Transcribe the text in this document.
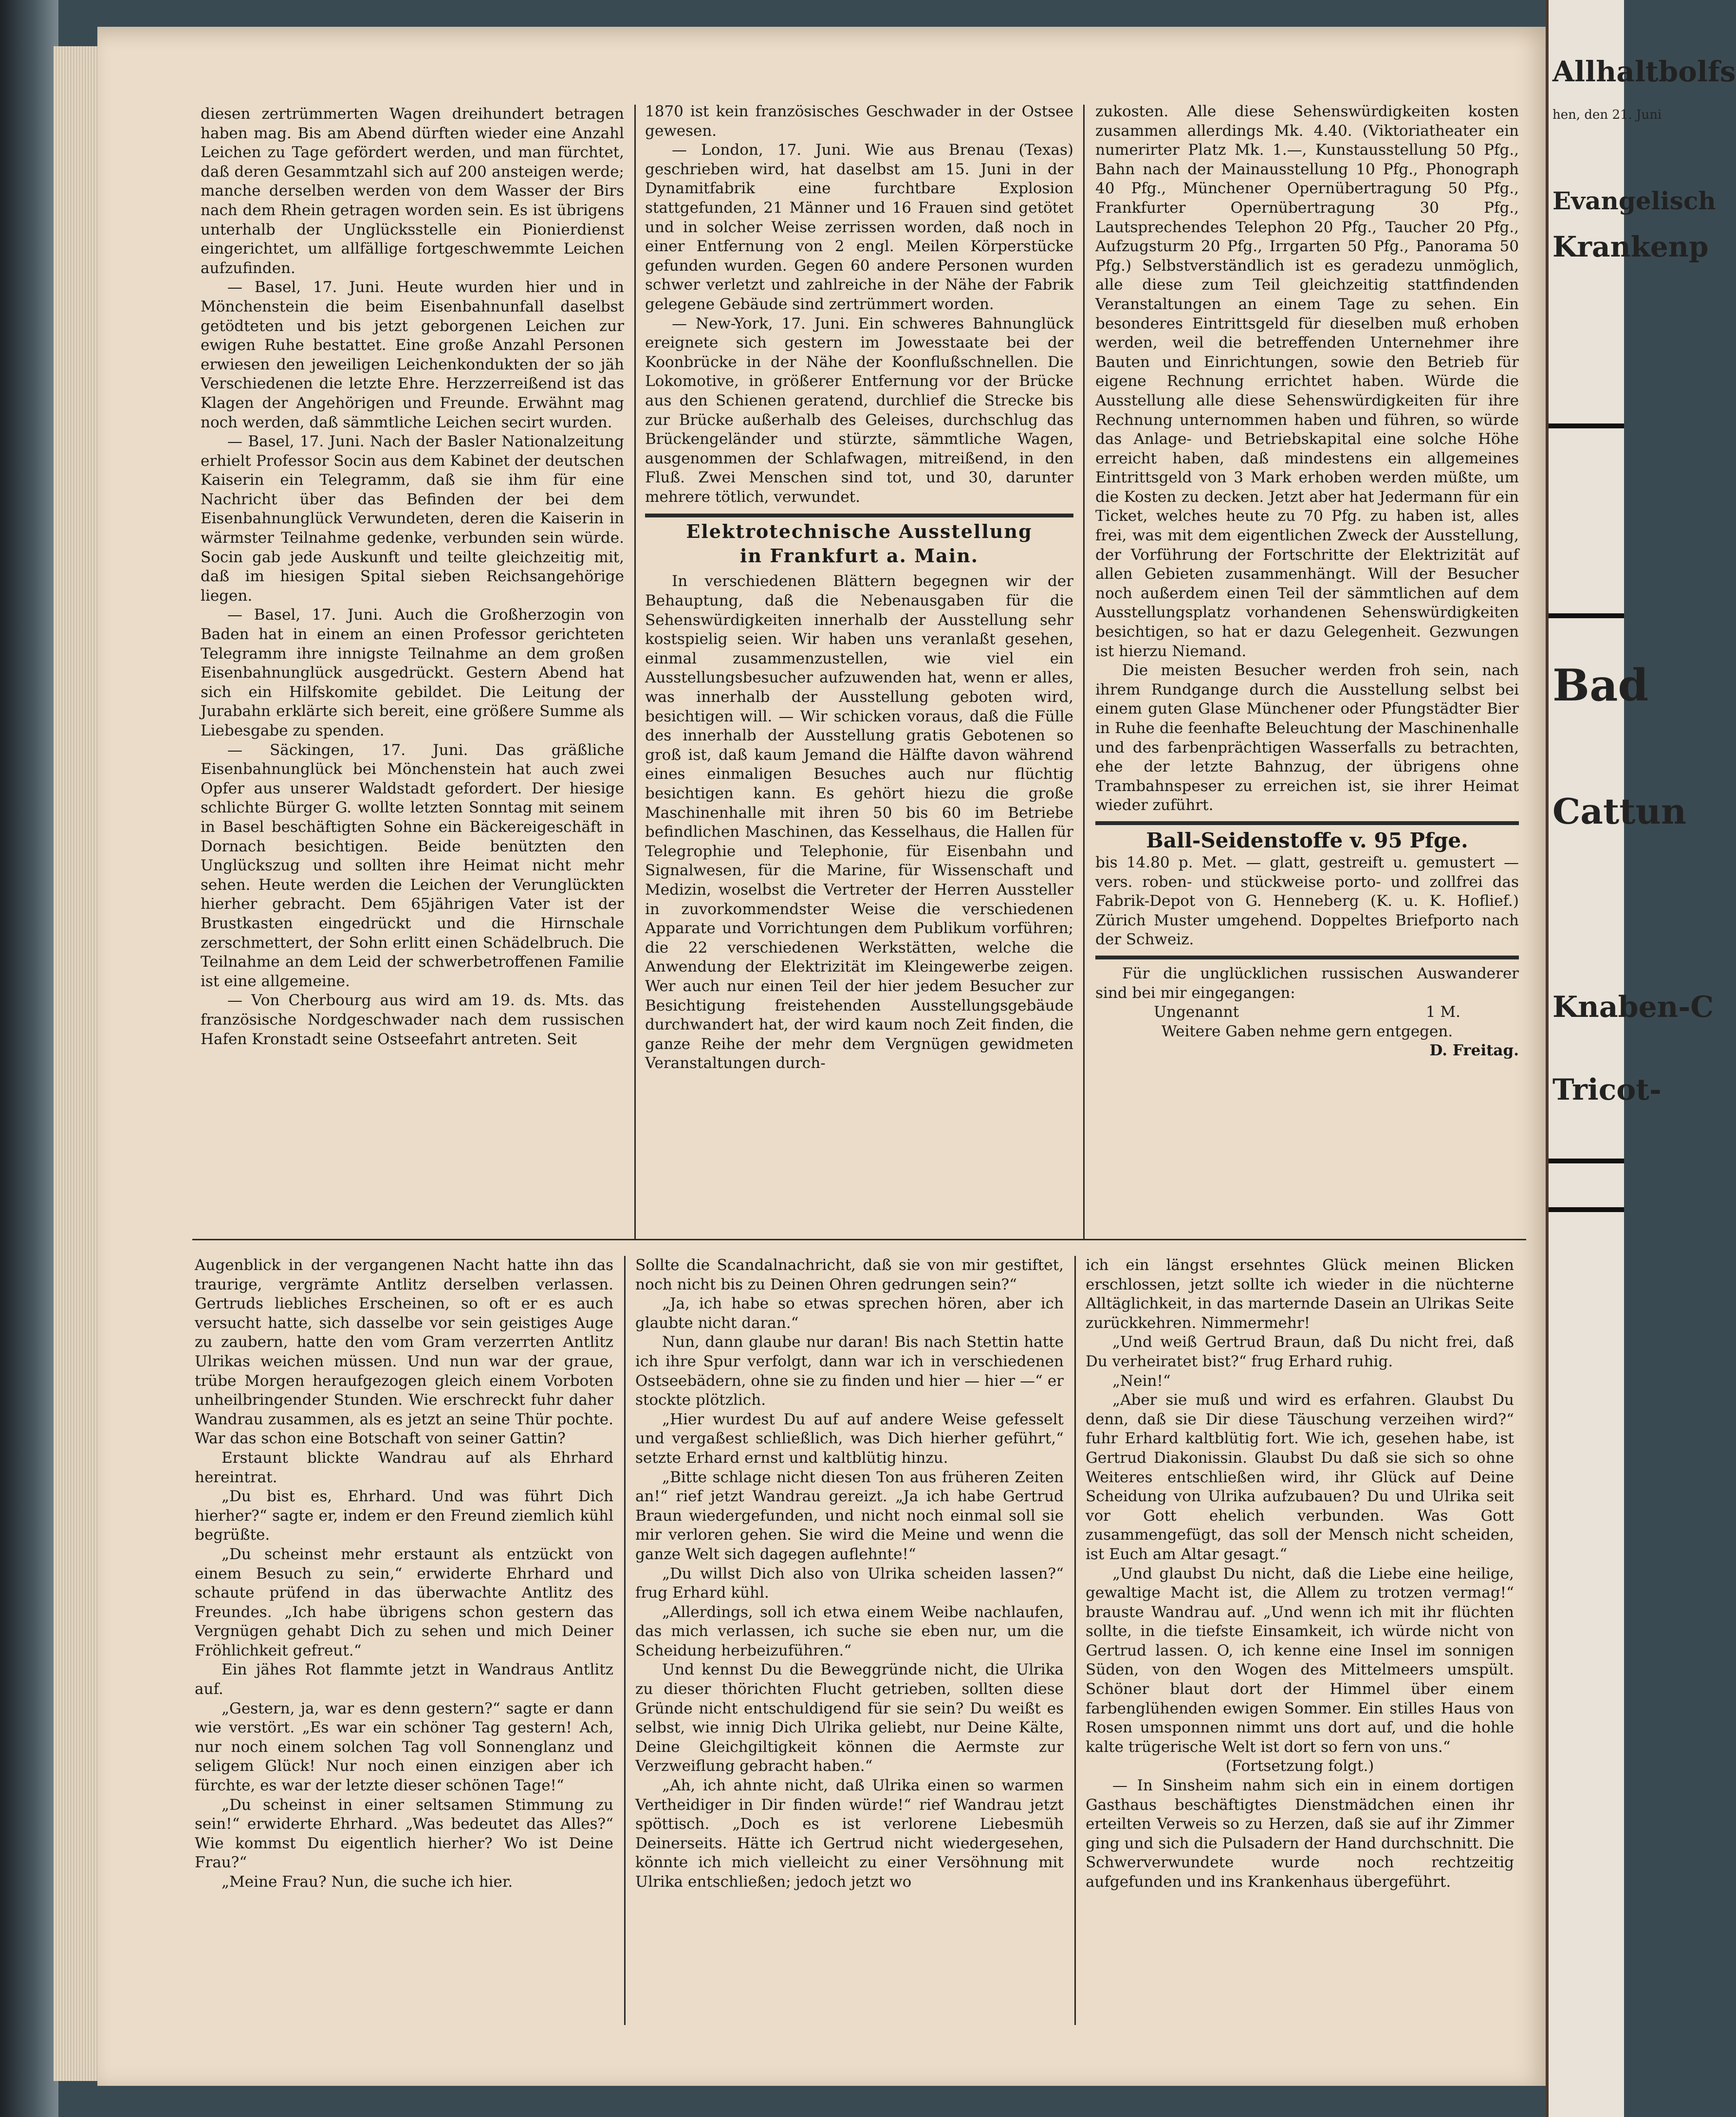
diesen zertrümmerten Wagen dreihundert betragen haben mag. Bis am Abend dürften wieder eine Anzahl Leichen zu Tage gefördert werden, und man fürchtet, daß deren Gesammtzahl sich auf 200 ansteigen werde; manche derselben werden von dem Wasser der Birs nach dem Rhein getragen worden sein. Es ist übrigens unterhalb der Unglücksstelle ein Pionierdienst eingerichtet, um allfällige fortgeschwemmte Leichen aufzufinden.

— Basel, 17. Juni. Heute wurden hier und in Mönchenstein die beim Eisenbahnunfall daselbst getödteten und bis jetzt geborgenen Leichen zur ewigen Ruhe bestattet. Eine große Anzahl Personen erwiesen den jeweiligen Leichenkondukten der so jäh Verschiedenen die letzte Ehre. Herzzerreißend ist das Klagen der Angehörigen und Freunde. Erwähnt mag noch werden, daß sämmtliche Leichen secirt wurden.

— Basel, 17. Juni. Nach der Basler Nationalzeitung erhielt Professor Socin aus dem Kabinet der deutschen Kaiserin ein Telegramm, daß sie ihm für eine Nachricht über das Befinden der bei dem Eisenbahnunglück Verwundeten, deren die Kaiserin in wärmster Teilnahme gedenke, verbunden sein würde. Socin gab jede Auskunft und teilte gleichzeitig mit, daß im hiesigen Spital sieben Reichsangehörige liegen.

— Basel, 17. Juni. Auch die Großherzogin von Baden hat in einem an einen Professor gerichteten Telegramm ihre innigste Teilnahme an dem großen Eisenbahnunglück ausgedrückt. Gestern Abend hat sich ein Hilfskomite gebildet. Die Leitung der Jurabahn erklärte sich bereit, eine größere Summe als Liebesgabe zu spenden.

— Säckingen, 17. Juni. Das gräßliche Eisenbahnunglück bei Mönchenstein hat auch zwei Opfer aus unserer Waldstadt gefordert. Der hiesige schlichte Bürger G. wollte letzten Sonntag mit seinem in Basel beschäftigten Sohne ein Bäckereigeschäft in Dornach besichtigen. Beide benützten den Unglückszug und sollten ihre Heimat nicht mehr sehen. Heute werden die Leichen der Verunglückten hierher gebracht. Dem 65jährigen Vater ist der Brustkasten eingedrückt und die Hirnschale zerschmettert, der Sohn erlitt einen Schädelbruch. Die Teilnahme an dem Leid der schwerbetroffenen Familie ist eine allgemeine.

— Von Cherbourg aus wird am 19. ds. Mts. das französische Nordgeschwader nach dem russischen Hafen Kronstadt seine Ostseefahrt antreten. Seit

1870 ist kein französisches Geschwader in der Ostsee gewesen.

— London, 17. Juni. Wie aus Brenau (Texas) geschrieben wird, hat daselbst am 15. Juni in der Dynamitfabrik eine furchtbare Explosion stattgefunden, 21 Männer und 16 Frauen sind getötet und in solcher Weise zerrissen worden, daß noch in einer Entfernung von 2 engl. Meilen Körperstücke gefunden wurden. Gegen 60 andere Personen wurden schwer verletzt und zahlreiche in der Nähe der Fabrik gelegene Gebäude sind zertrümmert worden.

— New-York, 17. Juni. Ein schweres Bahnunglück ereignete sich gestern im Jowesstaate bei der Koonbrücke in der Nähe der Koonflußschnellen. Die Lokomotive, in größerer Entfernung vor der Brücke aus den Schienen geratend, durchlief die Strecke bis zur Brücke außerhalb des Geleises, durchschlug das Brückengeländer und stürzte, sämmtliche Wagen, ausgenommen der Schlafwagen, mitreißend, in den Fluß. Zwei Menschen sind tot, und 30, darunter mehrere tötlich, verwundet.

Elektrotechnische Ausstellung
in Frankfurt a. Main.

In verschiedenen Blättern begegnen wir der Behauptung, daß die Nebenausgaben für die Sehenswürdigkeiten innerhalb der Ausstellung sehr kostspielig seien. Wir haben uns veranlaßt gesehen, einmal zusammenzustellen, wie viel ein Ausstellungsbesucher aufzuwenden hat, wenn er alles, was innerhalb der Ausstellung geboten wird, besichtigen will. — Wir schicken voraus, daß die Fülle des innerhalb der Ausstellung gratis Gebotenen so groß ist, daß kaum Jemand die Hälfte davon während eines einmaligen Besuches auch nur flüchtig besichtigen kann. Es gehört hiezu die große Maschinenhalle mit ihren 50 bis 60 im Betriebe befindlichen Maschinen, das Kesselhaus, die Hallen für Telegrophie und Telephonie, für Eisenbahn und Signalwesen, für die Marine, für Wissenschaft und Medizin, woselbst die Vertreter der Herren Aussteller in zuvorkommendster Weise die verschiedenen Apparate und Vorrichtungen dem Publikum vorführen; die 22 verschiedenen Werkstätten, welche die Anwendung der Elektrizität im Kleingewerbe zeigen. Wer auch nur einen Teil der hier jedem Besucher zur Besichtigung freistehenden Ausstellungsgebäude durchwandert hat, der wird kaum noch Zeit finden, die ganze Reihe der mehr dem Vergnügen gewidmeten Veranstaltungen durch-

zukosten. Alle diese Sehenswürdigkeiten kosten zusammen allerdings Mk. 4.40. (Viktoriatheater ein numerirter Platz Mk. 1.—, Kunstausstellung 50 Pfg., Bahn nach der Mainausstellung 10 Pfg., Phonograph 40 Pfg., Münchener Opernübertragung 50 Pfg., Frankfurter Opernübertragung 30 Pfg., Lautsprechendes Telephon 20 Pfg., Taucher 20 Pfg., Aufzugsturm 20 Pfg., Irrgarten 50 Pfg., Panorama 50 Pfg.) Selbstverständlich ist es geradezu unmöglich, alle diese zum Teil gleichzeitig stattfindenden Veranstaltungen an einem Tage zu sehen. Ein besonderes Eintrittsgeld für dieselben muß erhoben werden, weil die betreffenden Unternehmer ihre Bauten und Einrichtungen, sowie den Betrieb für eigene Rechnung errichtet haben. Würde die Ausstellung alle diese Sehenswürdigkeiten für ihre Rechnung unternommen haben und führen, so würde das Anlage- und Betriebskapital eine solche Höhe erreicht haben, daß mindestens ein allgemeines Eintrittsgeld von 3 Mark erhoben werden müßte, um die Kosten zu decken. Jetzt aber hat Jedermann für ein Ticket, welches heute zu 70 Pfg. zu haben ist, alles frei, was mit dem eigentlichen Zweck der Ausstellung, der Vorführung der Fortschritte der Elektrizität auf allen Gebieten zusammenhängt. Will der Besucher noch außerdem einen Teil der sämmtlichen auf dem Ausstellungsplatz vorhandenen Sehenswürdigkeiten besichtigen, so hat er dazu Gelegenheit. Gezwungen ist hierzu Niemand.

Die meisten Besucher werden froh sein, nach ihrem Rundgange durch die Ausstellung selbst bei einem guten Glase Münchener oder Pfungstädter Bier in Ruhe die feenhafte Beleuchtung der Maschinenhalle und des farbenprächtigen Wasserfalls zu betrachten, ehe der letzte Bahnzug, der übrigens ohne Trambahnspeser zu erreichen ist, sie ihrer Heimat wieder zuführt.

Ball-Seidenstoffe v. 95 Pfge.

bis 14.80 p. Met. — glatt, gestreift u. gemustert — vers. roben- und stückweise porto- und zollfrei das Fabrik-Depot von G. Henneberg (K. u. K. Hoflief.) Zürich Muster umgehend. Doppeltes Briefporto nach der Schweiz.

Für die unglücklichen russischen Auswanderer sind bei mir eingegangen:

Ungenannt	1 M.

Weitere Gaben nehme gern entgegen.

D. Freitag.

Augenblick in der vergangenen Nacht hatte ihn das traurige, vergrämte Antlitz derselben verlassen. Gertruds liebliches Erscheinen, so oft er es auch versucht hatte, sich dasselbe vor sein geistiges Auge zu zaubern, hatte den vom Gram verzerrten Antlitz Ulrikas weichen müssen. Und nun war der graue, trübe Morgen heraufgezogen gleich einem Vorboten unheilbringender Stunden. Wie erschreckt fuhr daher Wandrau zusammen, als es jetzt an seine Thür pochte. War das schon eine Botschaft von seiner Gattin?

Erstaunt blickte Wandrau auf als Ehrhard hereintrat.

„Du bist es, Ehrhard. Und was führt Dich hierher?“ sagte er, indem er den Freund ziemlich kühl begrüßte.

„Du scheinst mehr erstaunt als entzückt von einem Besuch zu sein,“ erwiderte Ehrhard und schaute prüfend in das überwachte Antlitz des Freundes. „Ich habe übrigens schon gestern das Vergnügen gehabt Dich zu sehen und mich Deiner Fröhlichkeit gefreut.“

Ein jähes Rot flammte jetzt in Wandraus Antlitz auf.

„Gestern, ja, war es denn gestern?“ sagte er dann wie verstört. „Es war ein schöner Tag gestern! Ach, nur noch einem solchen Tag voll Sonnenglanz und seligem Glück! Nur noch einen einzigen aber ich fürchte, es war der letzte dieser schönen Tage!“

„Du scheinst in einer seltsamen Stimmung zu sein!“ erwiderte Ehrhard. „Was bedeutet das Alles?“ Wie kommst Du eigentlich hierher? Wo ist Deine Frau?“

„Meine Frau? Nun, die suche ich hier.

Sollte die Scandalnachricht, daß sie von mir gestiftet, noch nicht bis zu Deinen Ohren gedrungen sein?“

„Ja, ich habe so etwas sprechen hören, aber ich glaubte nicht daran.“

Nun, dann glaube nur daran! Bis nach Stettin hatte ich ihre Spur verfolgt, dann war ich in verschiedenen Ostseebädern, ohne sie zu finden und hier — hier —“ er stockte plötzlich.

„Hier wurdest Du auf auf andere Weise gefesselt und vergaßest schließlich, was Dich hierher geführt,“ setzte Erhard ernst und kaltblütig hinzu.

„Bitte schlage nicht diesen Ton aus früheren Zeiten an!“ rief jetzt Wandrau gereizt. „Ja ich habe Gertrud Braun wiedergefunden, und nicht noch einmal soll sie mir verloren gehen. Sie wird die Meine und wenn die ganze Welt sich dagegen auflehnte!“

„Du willst Dich also von Ulrika scheiden lassen?“ frug Erhard kühl.

„Allerdings, soll ich etwa einem Weibe nachlaufen, das mich verlassen, ich suche sie eben nur, um die Scheidung herbeizuführen.“

Und kennst Du die Beweggründe nicht, die Ulrika zu dieser thörichten Flucht getrieben, sollten diese Gründe nicht entschuldigend für sie sein? Du weißt es selbst, wie innig Dich Ulrika geliebt, nur Deine Kälte, Deine Gleichgiltigkeit können die Aermste zur Verzweiflung gebracht haben.“

„Ah, ich ahnte nicht, daß Ulrika einen so warmen Vertheidiger in Dir finden würde!“ rief Wandrau jetzt spöttisch. „Doch es ist verlorene Liebesmüh Deinerseits. Hätte ich Gertrud nicht wiedergesehen, könnte ich mich vielleicht zu einer Versöhnung mit Ulrika entschließen; jedoch jetzt wo

ich ein längst ersehntes Glück meinen Blicken erschlossen, jetzt sollte ich wieder in die nüchterne Alltäglichkeit, in das marternde Dasein an Ulrikas Seite zurückkehren. Nimmermehr!

„Und weiß Gertrud Braun, daß Du nicht frei, daß Du verheiratet bist?“ frug Erhard ruhig.

„Nein!“

„Aber sie muß und wird es erfahren. Glaubst Du denn, daß sie Dir diese Täuschung verzeihen wird?“ fuhr Erhard kaltblütig fort. Wie ich, gesehen habe, ist Gertrud Diakonissin. Glaubst Du daß sie sich so ohne Weiteres entschließen wird, ihr Glück auf Deine Scheidung von Ulrika aufzubauen? Du und Ulrika seit vor Gott ehelich verbunden. Was Gott zusammengefügt, das soll der Mensch nicht scheiden, ist Euch am Altar gesagt.“

„Und glaubst Du nicht, daß die Liebe eine heilige, gewaltige Macht ist, die Allem zu trotzen vermag!“ brauste Wandrau auf. „Und wenn ich mit ihr flüchten sollte, in die tiefste Einsamkeit, ich würde nicht von Gertrud lassen. O, ich kenne eine Insel im sonnigen Süden, von den Wogen des Mittelmeers umspült. Schöner blaut dort der Himmel über einem farbenglühenden ewigen Sommer. Ein stilles Haus von Rosen umsponnen nimmt uns dort auf, und die hohle kalte trügerische Welt ist dort so fern von uns.“

(Fortsetzung folgt.)

— In Sinsheim nahm sich ein in einem dortigen Gasthaus beschäftigtes Dienstmädchen einen ihr erteilten Verweis so zu Herzen, daß sie auf ihr Zimmer ging und sich die Pulsadern der Hand durchschnitt. Die Schwerverwundete wurde noch rechtzeitig aufgefunden und ins Krankenhaus übergeführt.

Allhaltbolfs
hen, den 21. Juni
Evangelisch
Krankenp
Bad
Cattun
Knaben-C
Tricot-
